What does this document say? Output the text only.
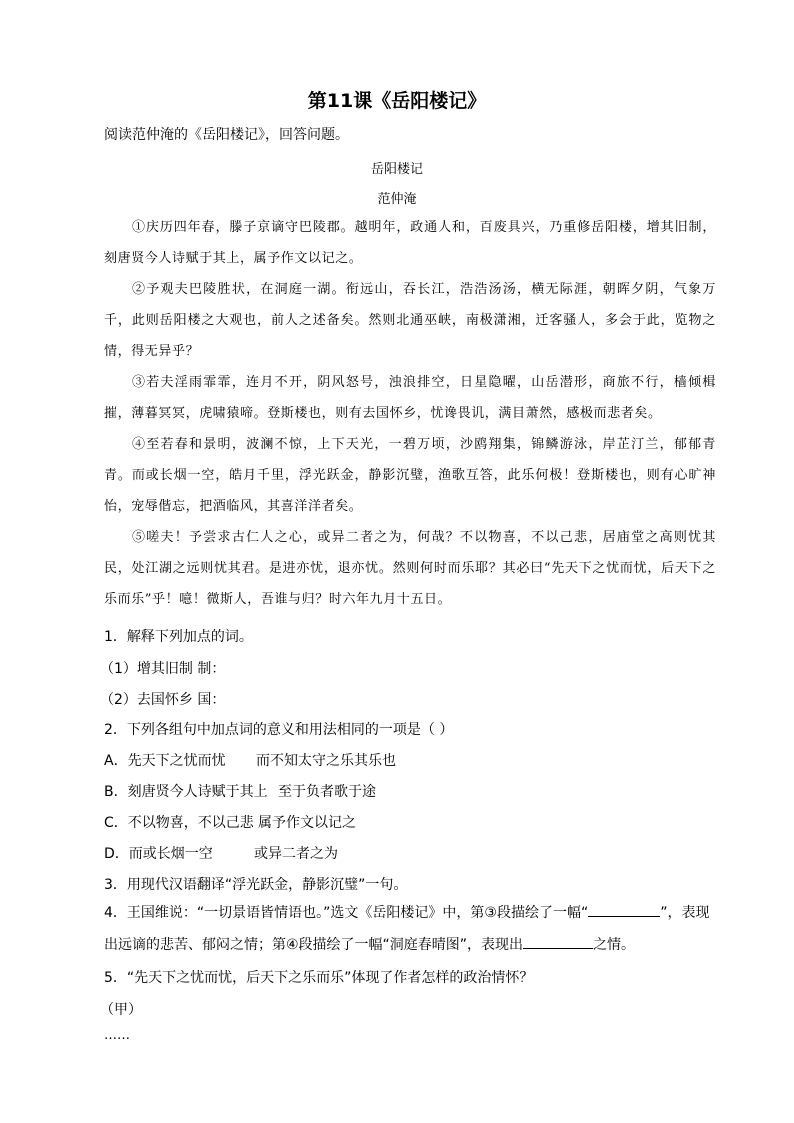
第11课《岳阳楼记》
阅读范仲淹的《岳阳楼记》，回答问题。
岳阳楼记
范仲淹
①庆历四年春，滕子京谪守巴陵郡。越明年，政通人和，百废具兴，乃重修岳阳楼，增其旧制，刻唐贤今人诗赋于其上，属予作文以记之。
②予观夫巴陵胜状，在洞庭一湖。衔远山，吞长江，浩浩汤汤，横无际涯，朝晖夕阴，气象万千，此则岳阳楼之大观也，前人之述备矣。然则北通巫峡，南极潇湘，迁客骚人，多会于此，览物之情，得无异乎？
③若夫淫雨霏霏，连月不开，阴风怒号，浊浪排空，日星隐曜，山岳潜形，商旅不行，樯倾楫摧，薄暮冥冥，虎啸猿啼。登斯楼也，则有去国怀乡，忧谗畏讥，满目萧然，感极而悲者矣。
④至若春和景明，波澜不惊，上下天光，一碧万顷，沙鸥翔集，锦鳞游泳，岸芷汀兰，郁郁青青。而或长烟一空，皓月千里，浮光跃金，静影沉璧，渔歌互答，此乐何极！登斯楼也，则有心旷神怡，宠辱偕忘，把酒临风，其喜洋洋者矣。
⑤嗟夫！予尝求古仁人之心，或异二者之为，何哉？不以物喜，不以己悲，居庙堂之高则忧其民，处江湖之远则忧其君。是进亦忧，退亦忧。然则何时而乐耶？其必曰“先天下之忧而忧，后天下之乐而乐”乎！噫！微斯人，吾谁与归？时六年九月十五日。
1．解释下列加点的词。
（1）增其旧制 制：
（2）去国怀乡 国：
2．下列各组句中加点词的意义和用法相同的一项是（ ）
A．先天下之忧而忧 而不知太守之乐其乐也
B．刻唐贤今人诗赋于其上 至于负者歌于途
C．不以物喜，不以己悲 属予作文以记之
D．而或长烟一空	或异二者之为
3．用现代汉语翻译“浮光跃金，静影沉璧”一句。
4．王国维说：“一切景语皆情语也。”选文《岳阳楼记》中，第③段描绘了一幅“	”，表现出远谪的悲苦、郁闷之情；第④段描绘了一幅“洞庭春晴图”，表现出	之情。
5．“先天下之忧而忧，后天下之乐而乐”体现了作者怎样的政治情怀？
（甲）
……
